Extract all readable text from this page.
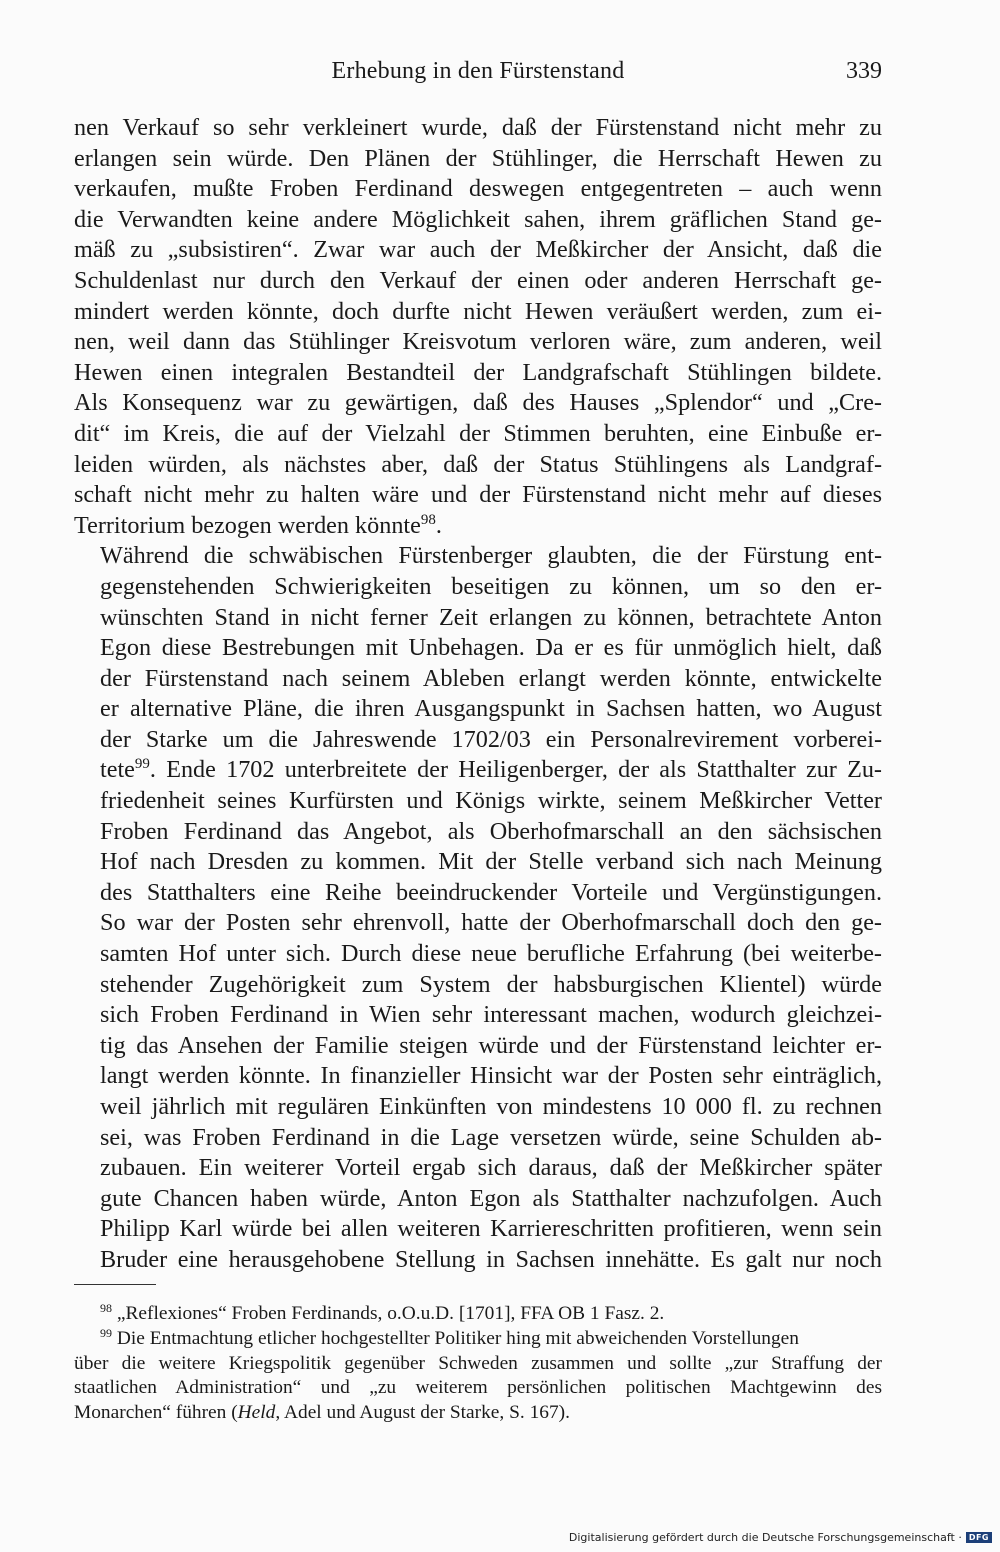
Erhebung in den Fürstenstand	339

nen Verkauf so sehr verkleinert wurde, daß der Fürstenstand nicht mehr zu
erlangen sein würde. Den Plänen der Stühlinger, die Herrschaft Hewen zu
verkaufen, mußte Froben Ferdinand deswegen entgegentreten – auch wenn
die Verwandten keine andere Möglichkeit sahen, ihrem gräflichen Stand ge-
mäß zu „subsistiren“. Zwar war auch der Meßkircher der Ansicht, daß die
Schuldenlast nur durch den Verkauf der einen oder anderen Herrschaft ge-
mindert werden könnte, doch durfte nicht Hewen veräußert werden, zum ei-
nen, weil dann das Stühlinger Kreisvotum verloren wäre, zum anderen, weil
Hewen einen integralen Bestandteil der Landgrafschaft Stühlingen bildete.
Als Konsequenz war zu gewärtigen, daß des Hauses „Splendor“ und „Cre-
dit“ im Kreis, die auf der Vielzahl der Stimmen beruhten, eine Einbuße er-
leiden würden, als nächstes aber, daß der Status Stühlingens als Landgraf-
schaft nicht mehr zu halten wäre und der Fürstenstand nicht mehr auf dieses
Territorium bezogen werden könnte$^{98}$.

Während die schwäbischen Fürstenberger glaubten, die der Fürstung ent-
gegenstehenden Schwierigkeiten beseitigen zu können, um so den er-
wünschten Stand in nicht ferner Zeit erlangen zu können, betrachtete Anton
Egon diese Bestrebungen mit Unbehagen. Da er es für unmöglich hielt, daß
der Fürstenstand nach seinem Ableben erlangt werden könnte, entwickelte
er alternative Pläne, die ihren Ausgangspunkt in Sachsen hatten, wo August
der Starke um die Jahreswende 1702/03 ein Personalrevirement vorberei-
tete$^{99}$. Ende 1702 unterbreitete der Heiligenberger, der als Statthalter zur Zu-
friedenheit seines Kurfürsten und Königs wirkte, seinem Meßkircher Vetter
Froben Ferdinand das Angebot, als Oberhofmarschall an den sächsischen
Hof nach Dresden zu kommen. Mit der Stelle verband sich nach Meinung
des Statthalters eine Reihe beeindruckender Vorteile und Vergünstigungen.
So war der Posten sehr ehrenvoll, hatte der Oberhofmarschall doch den ge-
samten Hof unter sich. Durch diese neue berufliche Erfahrung (bei weiterbe-
stehender Zugehörigkeit zum System der habsburgischen Klientel) würde
sich Froben Ferdinand in Wien sehr interessant machen, wodurch gleichzei-
tig das Ansehen der Familie steigen würde und der Fürstenstand leichter er-
langt werden könnte. In finanzieller Hinsicht war der Posten sehr einträglich,
weil jährlich mit regulären Einkünften von mindestens 10 000 fl. zu rechnen
sei, was Froben Ferdinand in die Lage versetzen würde, seine Schulden ab-
zubauen. Ein weiterer Vorteil ergab sich daraus, daß der Meßkircher später
gute Chancen haben würde, Anton Egon als Statthalter nachzufolgen. Auch
Philipp Karl würde bei allen weiteren Karriereschritten profitieren, wenn sein
Bruder eine herausgehobene Stellung in Sachsen innehätte. Es galt nur noch

$^{98}$ „Reflexiones“ Froben Ferdinands, o.O.u.D. [1701], FFA OB 1 Fasz. 2.

$^{99}$ Die Entmachtung etlicher hochgestellter Politiker hing mit abweichenden Vorstellungen
über die weitere Kriegspolitik gegenüber Schweden zusammen und sollte „zur Straffung der
staatlichen Administration“ und „zu weiterem persönlichen politischen Machtgewinn des
Monarchen“ führen (Held, Adel und August der Starke, S. 167).

Digitalisierung gefördert durch die Deutsche Forschungsgemeinschaft · DFG
